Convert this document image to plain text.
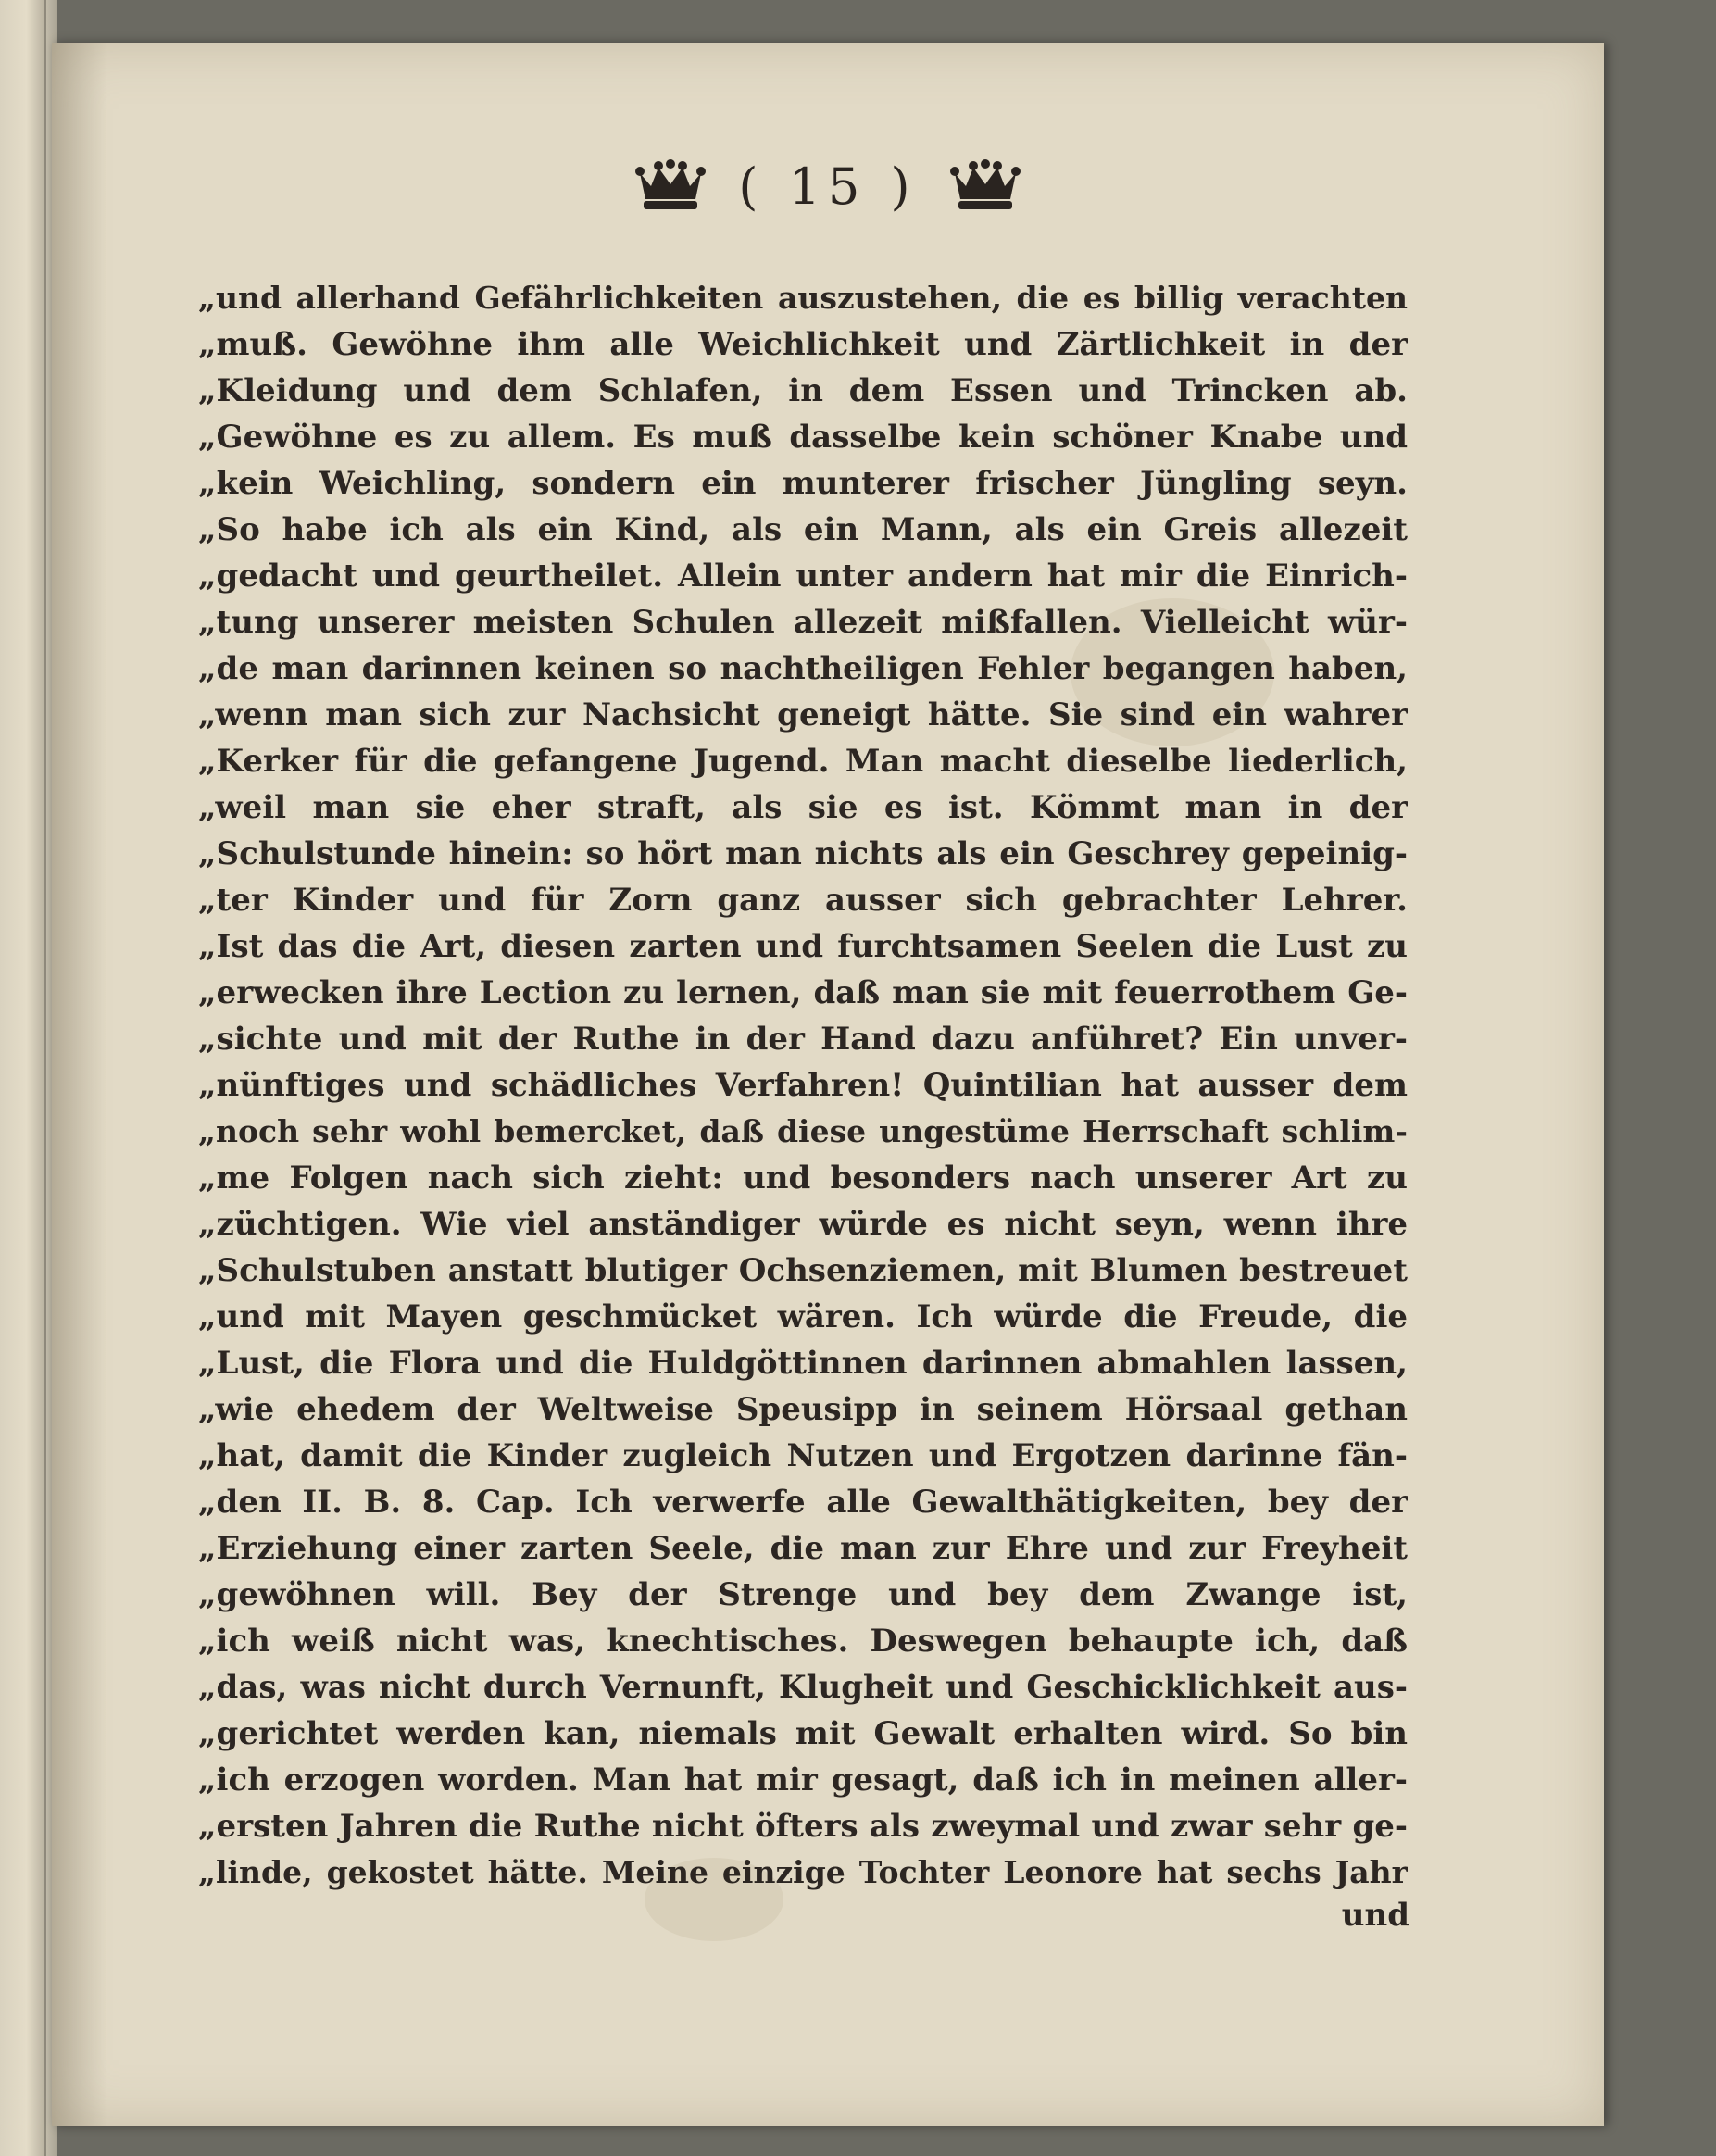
( 15 )
„und allerhand Gefährlichkeiten auszustehen, die es billig verachten
„muß. Gewöhne ihm alle Weichlichkeit und Zärtlichkeit in der
„Kleidung und dem Schlafen, in dem Essen und Trincken ab.
„Gewöhne es zu allem. Es muß dasselbe kein schöner Knabe und
„kein Weichling, sondern ein munterer frischer Jüngling seyn.
„So habe ich als ein Kind, als ein Mann, als ein Greis allezeit
„gedacht und geurtheilet. Allein unter andern hat mir die Einrich-
„tung unserer meisten Schulen allezeit mißfallen. Vielleicht wür-
„de man darinnen keinen so nachtheiligen Fehler begangen haben,
„wenn man sich zur Nachsicht geneigt hätte. Sie sind ein wahrer
„Kerker für die gefangene Jugend. Man macht dieselbe liederlich,
„weil man sie eher straft, als sie es ist. Kömmt man in der
„Schulstunde hinein: so hört man nichts als ein Geschrey gepeinig-
„ter Kinder und für Zorn ganz ausser sich gebrachter Lehrer.
„Ist das die Art, diesen zarten und furchtsamen Seelen die Lust zu
„erwecken ihre Lection zu lernen, daß man sie mit feuerrothem Ge-
„sichte und mit der Ruthe in der Hand dazu anführet? Ein unver-
„nünftiges und schädliches Verfahren! Quintilian hat ausser dem
„noch sehr wohl bemercket, daß diese ungestüme Herrschaft schlim-
„me Folgen nach sich zieht: und besonders nach unserer Art zu
„züchtigen. Wie viel anständiger würde es nicht seyn, wenn ihre
„Schulstuben anstatt blutiger Ochsenziemen, mit Blumen bestreuet
„und mit Mayen geschmücket wären. Ich würde die Freude, die
„Lust, die Flora und die Huldgöttinnen darinnen abmahlen lassen,
„wie ehedem der Weltweise Speusipp in seinem Hörsaal gethan
„hat, damit die Kinder zugleich Nutzen und Ergotzen darinne fän-
„den II. B. 8. Cap. Ich verwerfe alle Gewalthätigkeiten, bey der
„Erziehung einer zarten Seele, die man zur Ehre und zur Freyheit
„gewöhnen will. Bey der Strenge und bey dem Zwange ist,
„ich weiß nicht was, knechtisches. Deswegen behaupte ich, daß
„das, was nicht durch Vernunft, Klugheit und Geschicklichkeit aus-
„gerichtet werden kan, niemals mit Gewalt erhalten wird. So bin
„ich erzogen worden. Man hat mir gesagt, daß ich in meinen aller-
„ersten Jahren die Ruthe nicht öfters als zweymal und zwar sehr ge-
„linde, gekostet hätte. Meine einzige Tochter Leonore hat sechs Jahr
und
